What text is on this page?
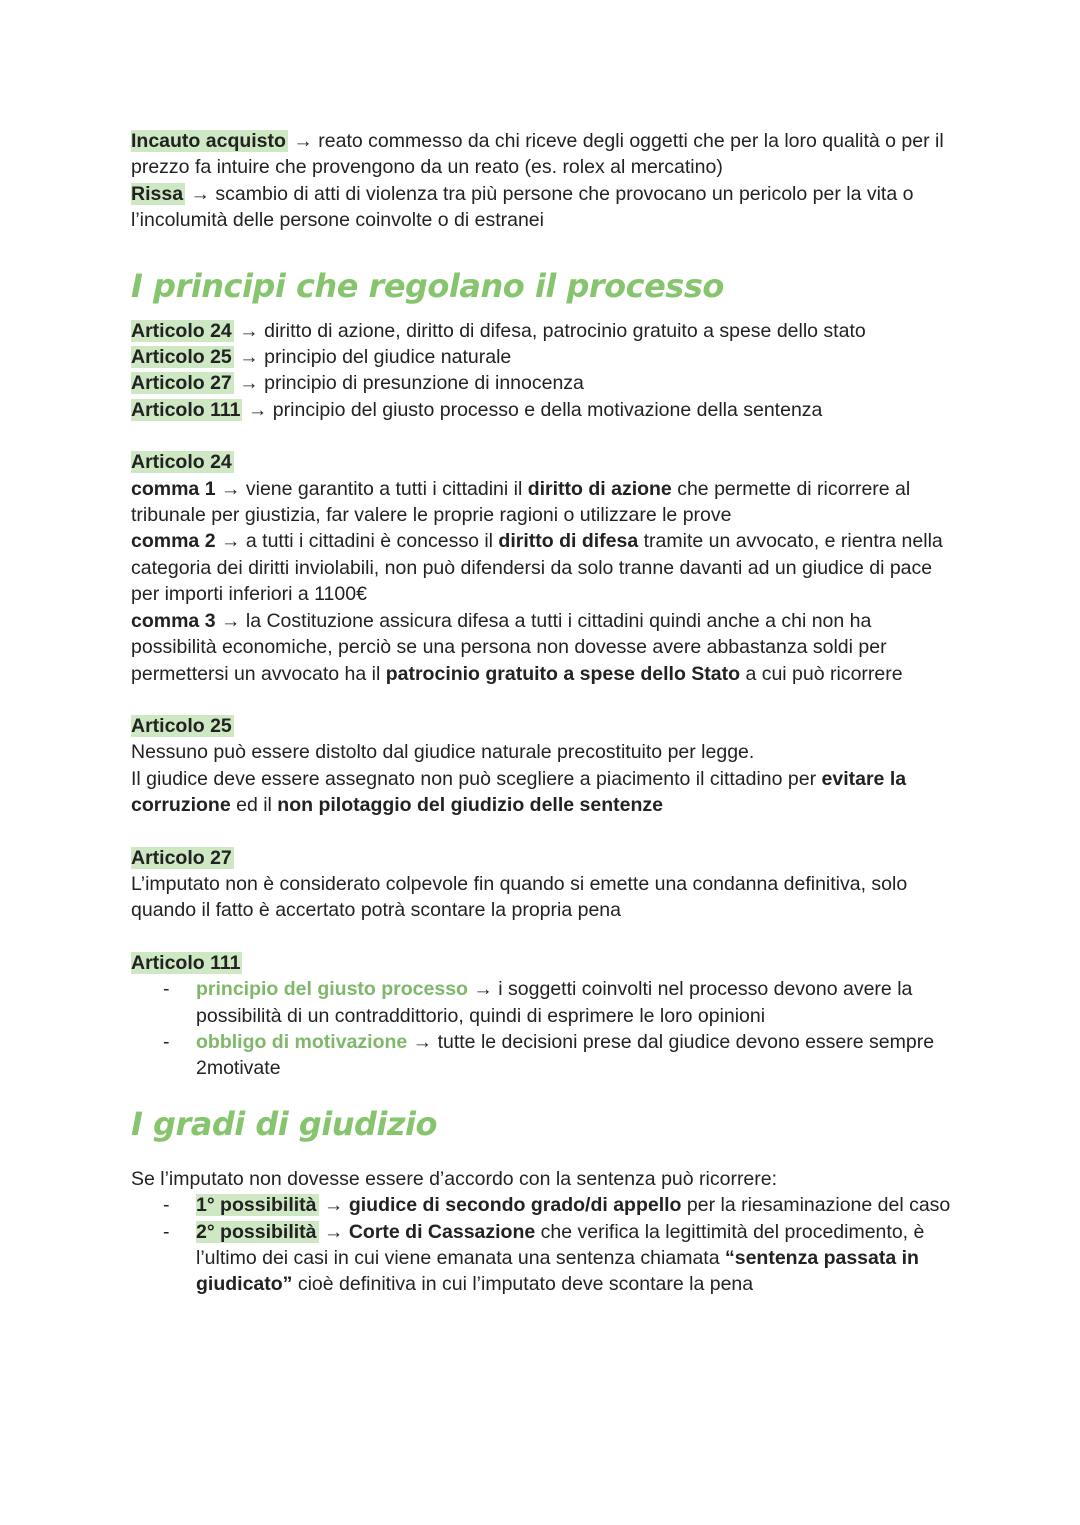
Incauto acquisto → reato commesso da chi riceve degli oggetti che per la loro qualità o per il prezzo fa intuire che provengono da un reato (es. rolex al mercatino)

Rissa → scambio di atti di violenza tra più persone che provocano un pericolo per la vita o l’incolumità delle persone coinvolte o di estranei

I principi che regolano il processo

Articolo 24 → diritto di azione, diritto di difesa, patrocinio gratuito a spese dello stato

Articolo 25 → principio del giudice naturale

Articolo 27 → principio di presunzione di innocenza

Articolo 111 → principio del giusto processo e della motivazione della sentenza

Articolo 24

comma 1 → viene garantito a tutti i cittadini il diritto di azione che permette di ricorrere al tribunale per giustizia, far valere le proprie ragioni o utilizzare le prove

comma 2 → a tutti i cittadini è concesso il diritto di difesa tramite un avvocato, e rientra nella categoria dei diritti inviolabili, non può difendersi da solo tranne davanti ad un giudice di pace per importi inferiori a 1100€

comma 3 → la Costituzione assicura difesa a tutti i cittadini quindi anche a chi non ha possibilità economiche, perciò se una persona non dovesse avere abbastanza soldi per permettersi un avvocato ha il patrocinio gratuito a spese dello Stato a cui può ricorrere

Articolo 25

Nessuno può essere distolto dal giudice naturale precostituito per legge.

Il giudice deve essere assegnato non può scegliere a piacimento il cittadino per evitare la corruzione ed il non pilotaggio del giudizio delle sentenze

Articolo 27

L’imputato non è considerato colpevole fin quando si emette una condanna definitiva, solo quando il fatto è accertato potrà scontare la propria pena

Articolo 111

- principio del giusto processo → i soggetti coinvolti nel processo devono avere la possibilità di un contraddittorio, quindi di esprimere le loro opinioni
- obbligo di motivazione → tutte le decisioni prese dal giudice devono essere sempre 2motivate
I gradi di giudizio

Se l’imputato non dovesse essere d’accordo con la sentenza può ricorrere:

- 1° possibilità → giudice di secondo grado/di appello per la riesaminazione del caso
- 2° possibilità → Corte di Cassazione che verifica la legittimità del procedimento, è l’ultimo dei casi in cui viene emanata una sentenza chiamata “sentenza passata in giudicato” cioè definitiva in cui l’imputato deve scontare la pena
